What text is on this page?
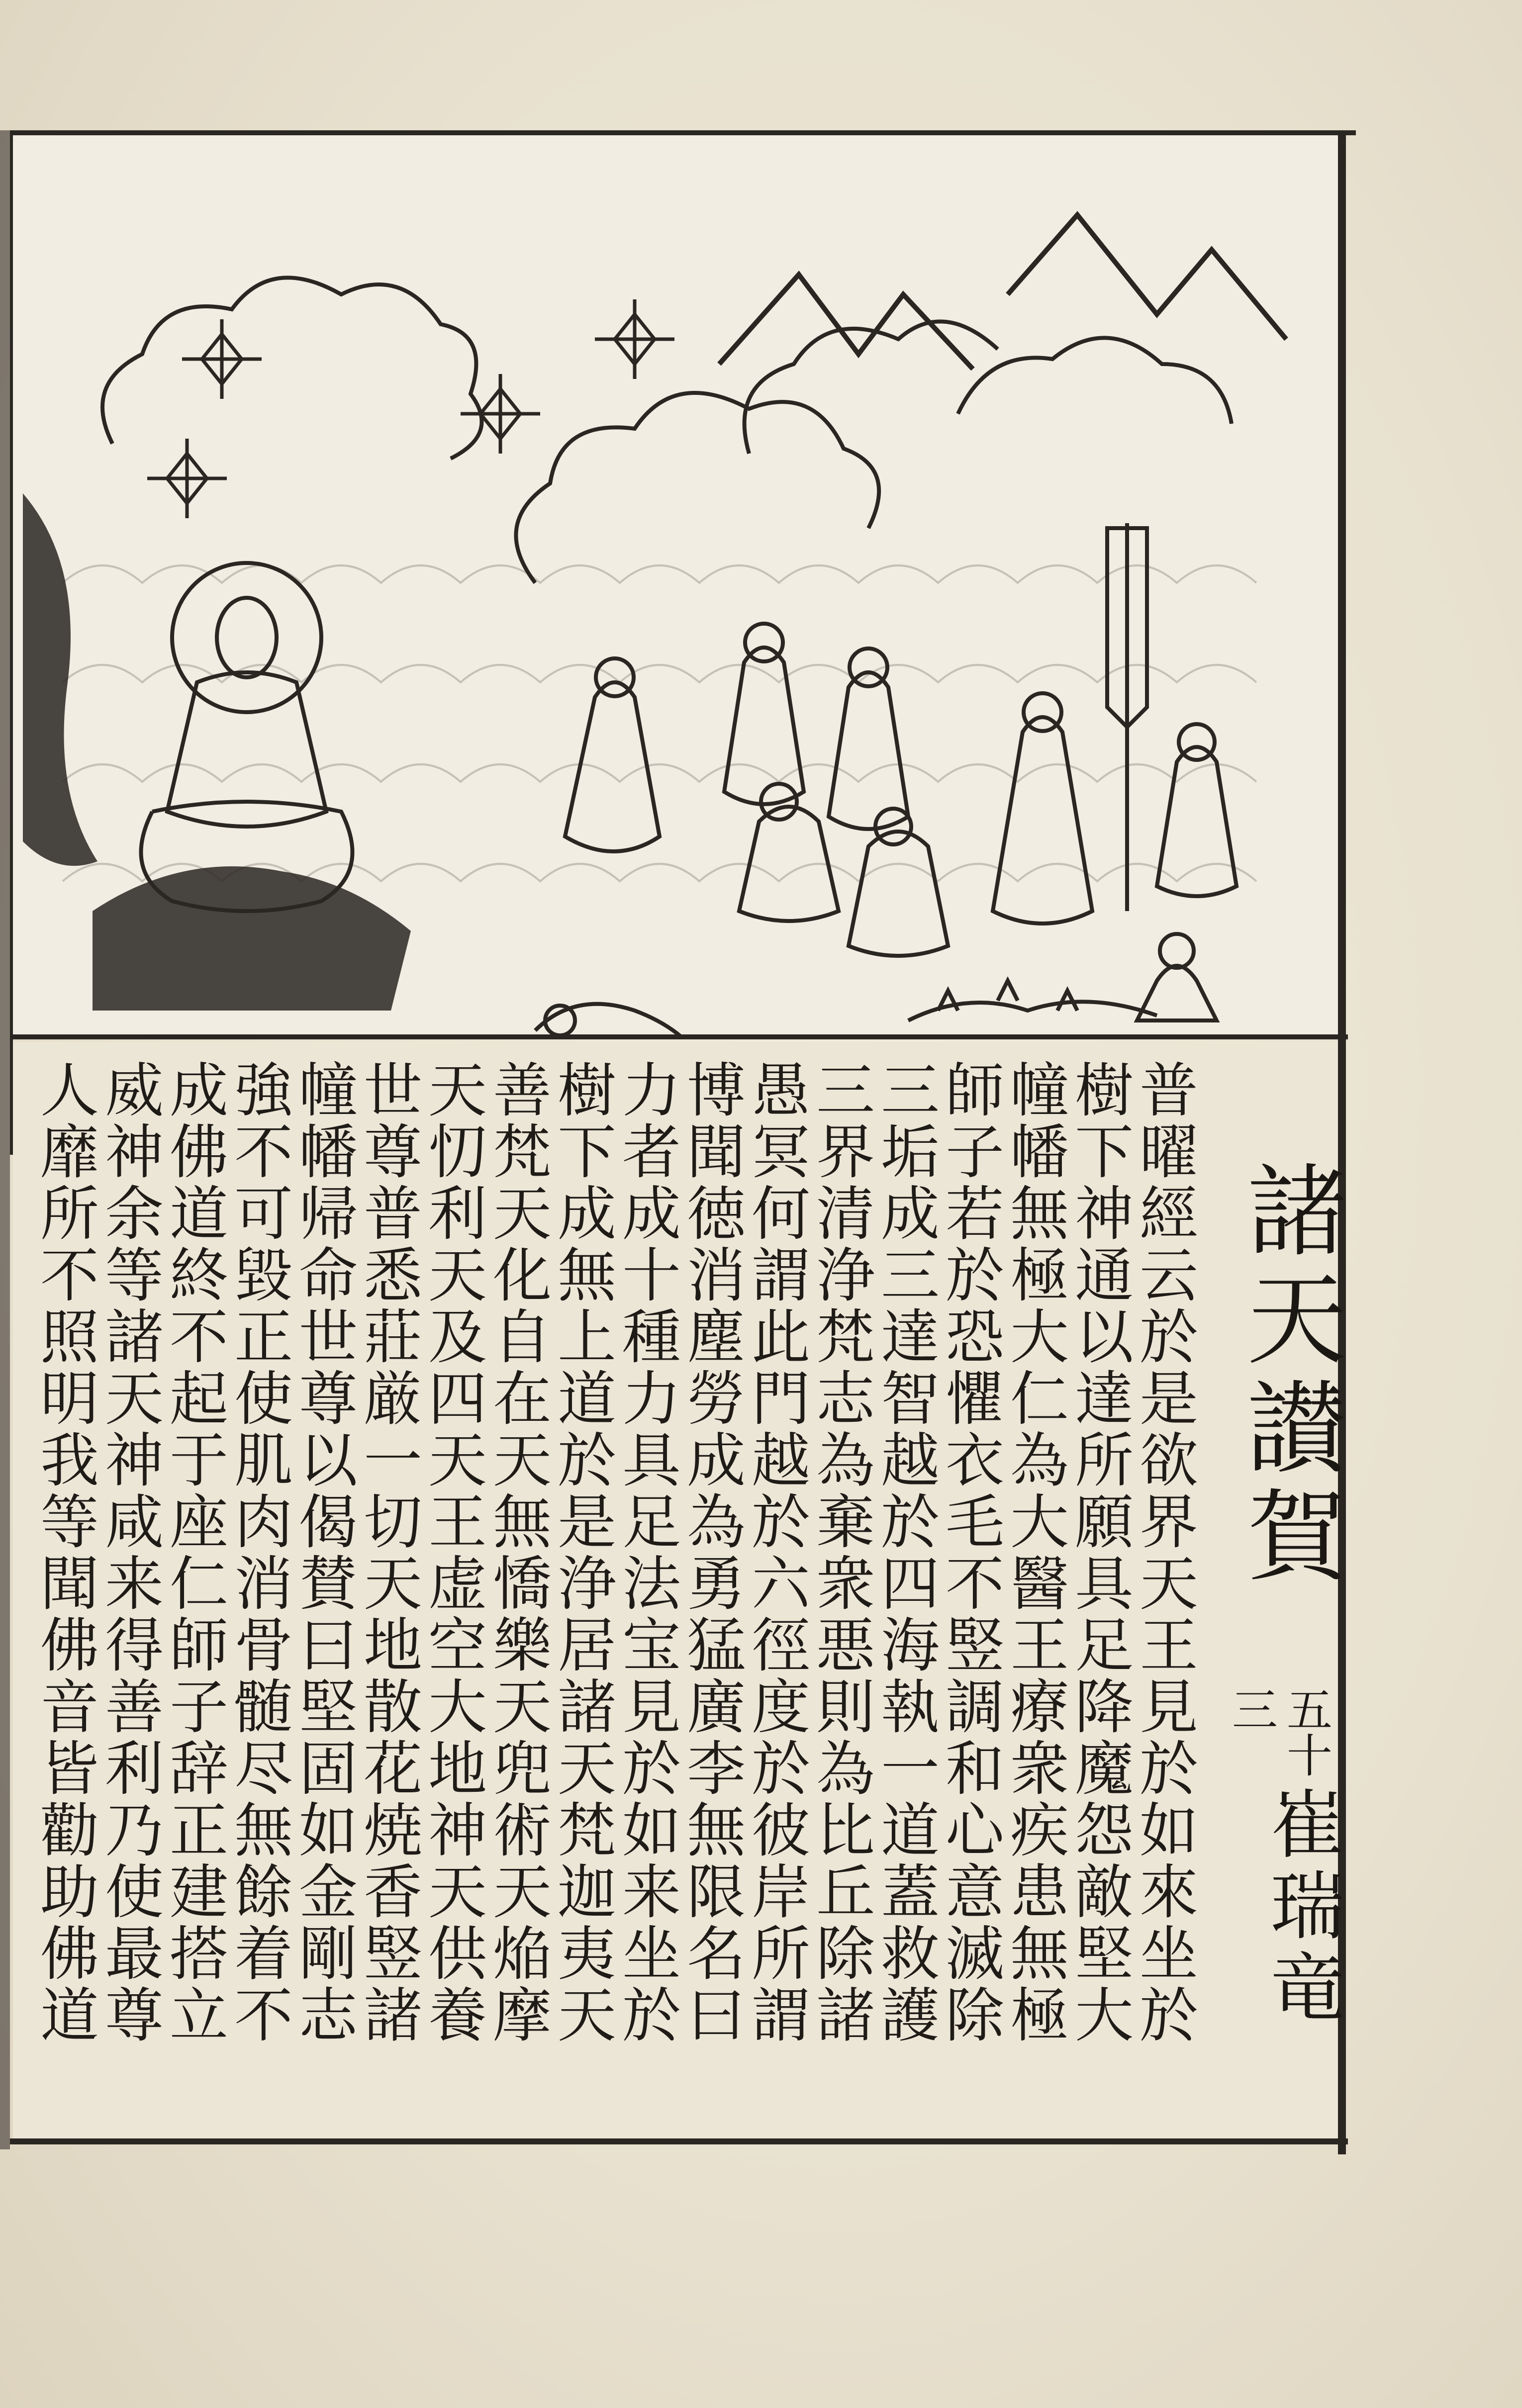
諸天讃賀
五十三
崔瑞竜
普曜經云於是欲界天王見於如來坐於
樹下神通以達所願具足降魔怨敵堅大
幢幡無極大仁為大醫王療衆疾患無極
師子若於恐懼衣毛不竪調和心意滅除
三垢成三達智越於四海執一道蓋救護
三界清浄梵志為棄衆悪則為比丘除諸
愚冥何謂此門越於六徑度於彼岸所謂
博聞徳消塵勞成為勇猛廣李無限名曰
力者成十種力具足法宝見於如来坐於
樹下成無上道於是浄居諸天梵迦夷天
善梵天化自在天無憍樂天兜術天焔摩
天忉利天及四天王虚空大地神天供養
世尊普悉莊厳一切天地散花焼香竪諸
幢幡帰命世尊以偈賛曰堅固如金剛志
強不可毀正使肌肉消骨髄尽無餘着不
成佛道終不起于座仁師子辞正建搭立
威神余等諸天神咸来得善利乃使最尊
人靡所不照明我等聞佛音皆勸助佛道
